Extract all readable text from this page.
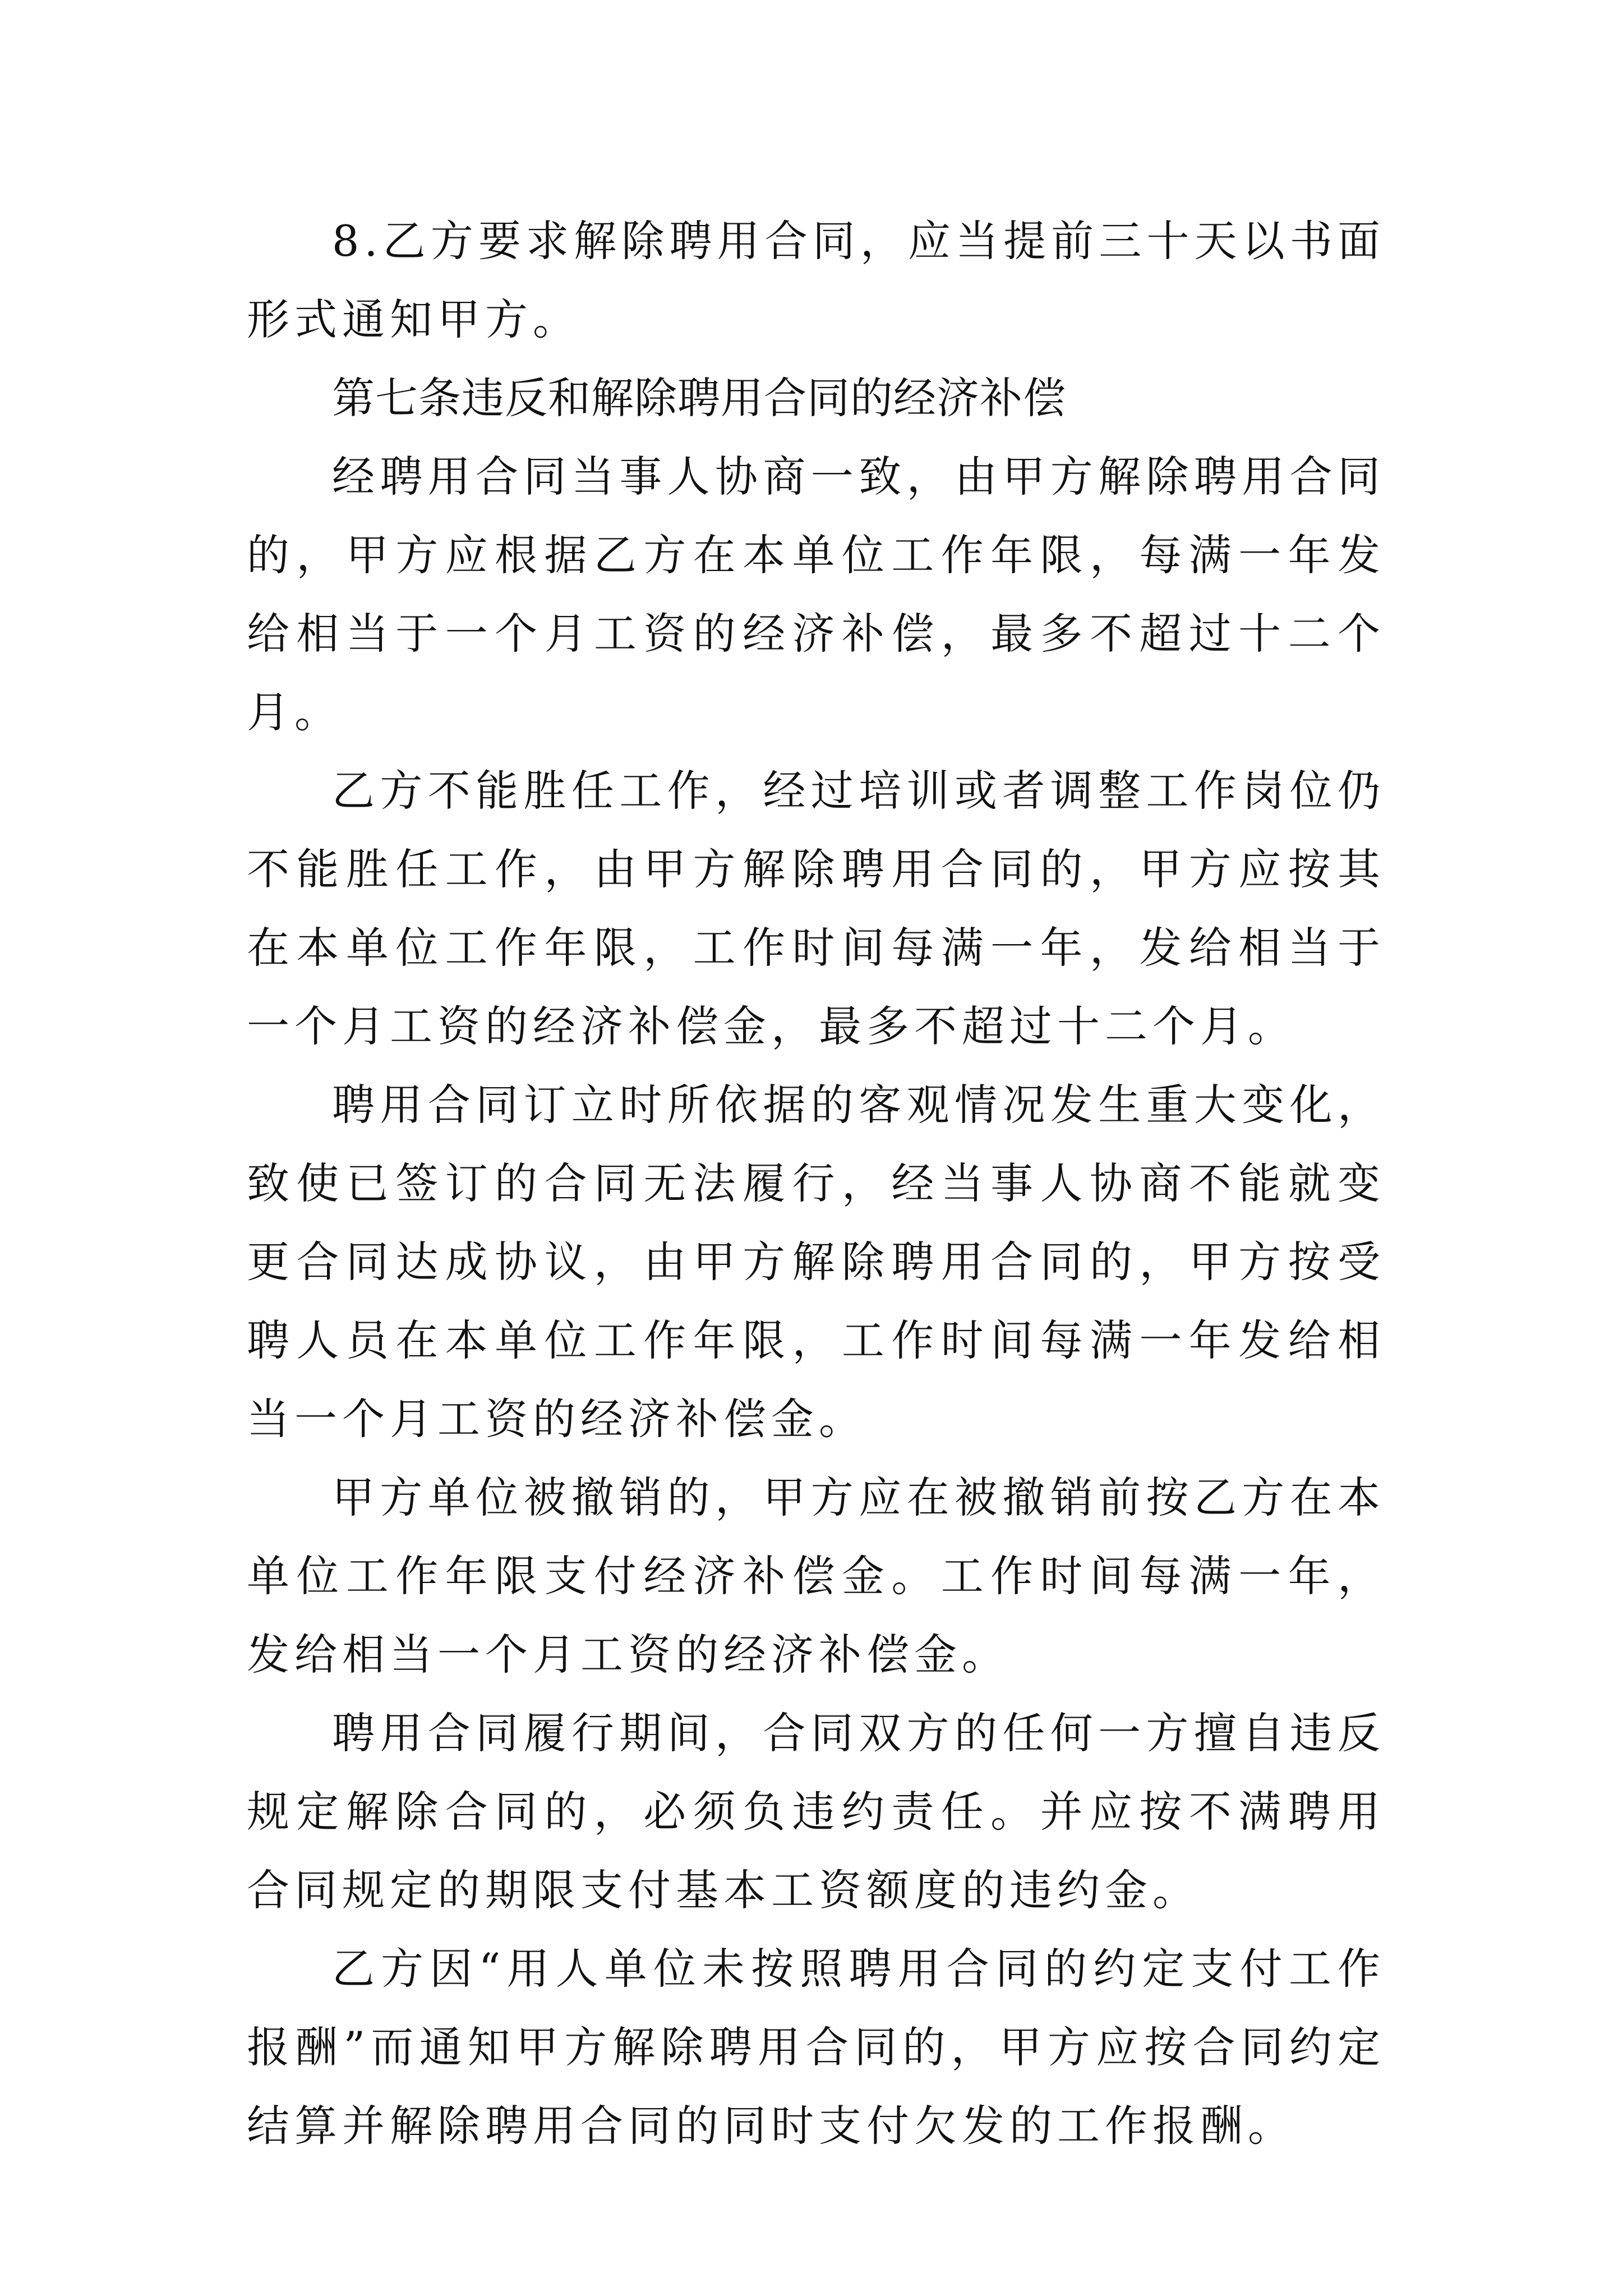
8.乙方要求解除聘用合同，应当提前三十天以书面形式通知甲方。

第七条违反和解除聘用合同的经济补偿

经聘用合同当事人协商一致，由甲方解除聘用合同的，甲方应根据乙方在本单位工作年限，每满一年发给相当于一个月工资的经济补偿，最多不超过十二个月。

乙方不能胜任工作，经过培训或者调整工作岗位仍不能胜任工作，由甲方解除聘用合同的，甲方应按其在本单位工作年限，工作时间每满一年，发给相当于一个月工资的经济补偿金，最多不超过十二个月。

聘用合同订立时所依据的客观情况发生重大变化，致使已签订的合同无法履行，经当事人协商不能就变更合同达成协议，由甲方解除聘用合同的，甲方按受聘人员在本单位工作年限，工作时间每满一年发给相当一个月工资的经济补偿金。

甲方单位被撤销的，甲方应在被撤销前按乙方在本单位工作年限支付经济补偿金。工作时间每满一年，发给相当一个月工资的经济补偿金。

聘用合同履行期间，合同双方的任何一方擅自违反规定解除合同的，必须负违约责任。并应按不满聘用合同规定的期限支付基本工资额度的违约金。

乙方因“用人单位未按照聘用合同的约定支付工作报酬”而通知甲方解除聘用合同的，甲方应按合同约定结算并解除聘用合同的同时支付欠发的工作报酬。
